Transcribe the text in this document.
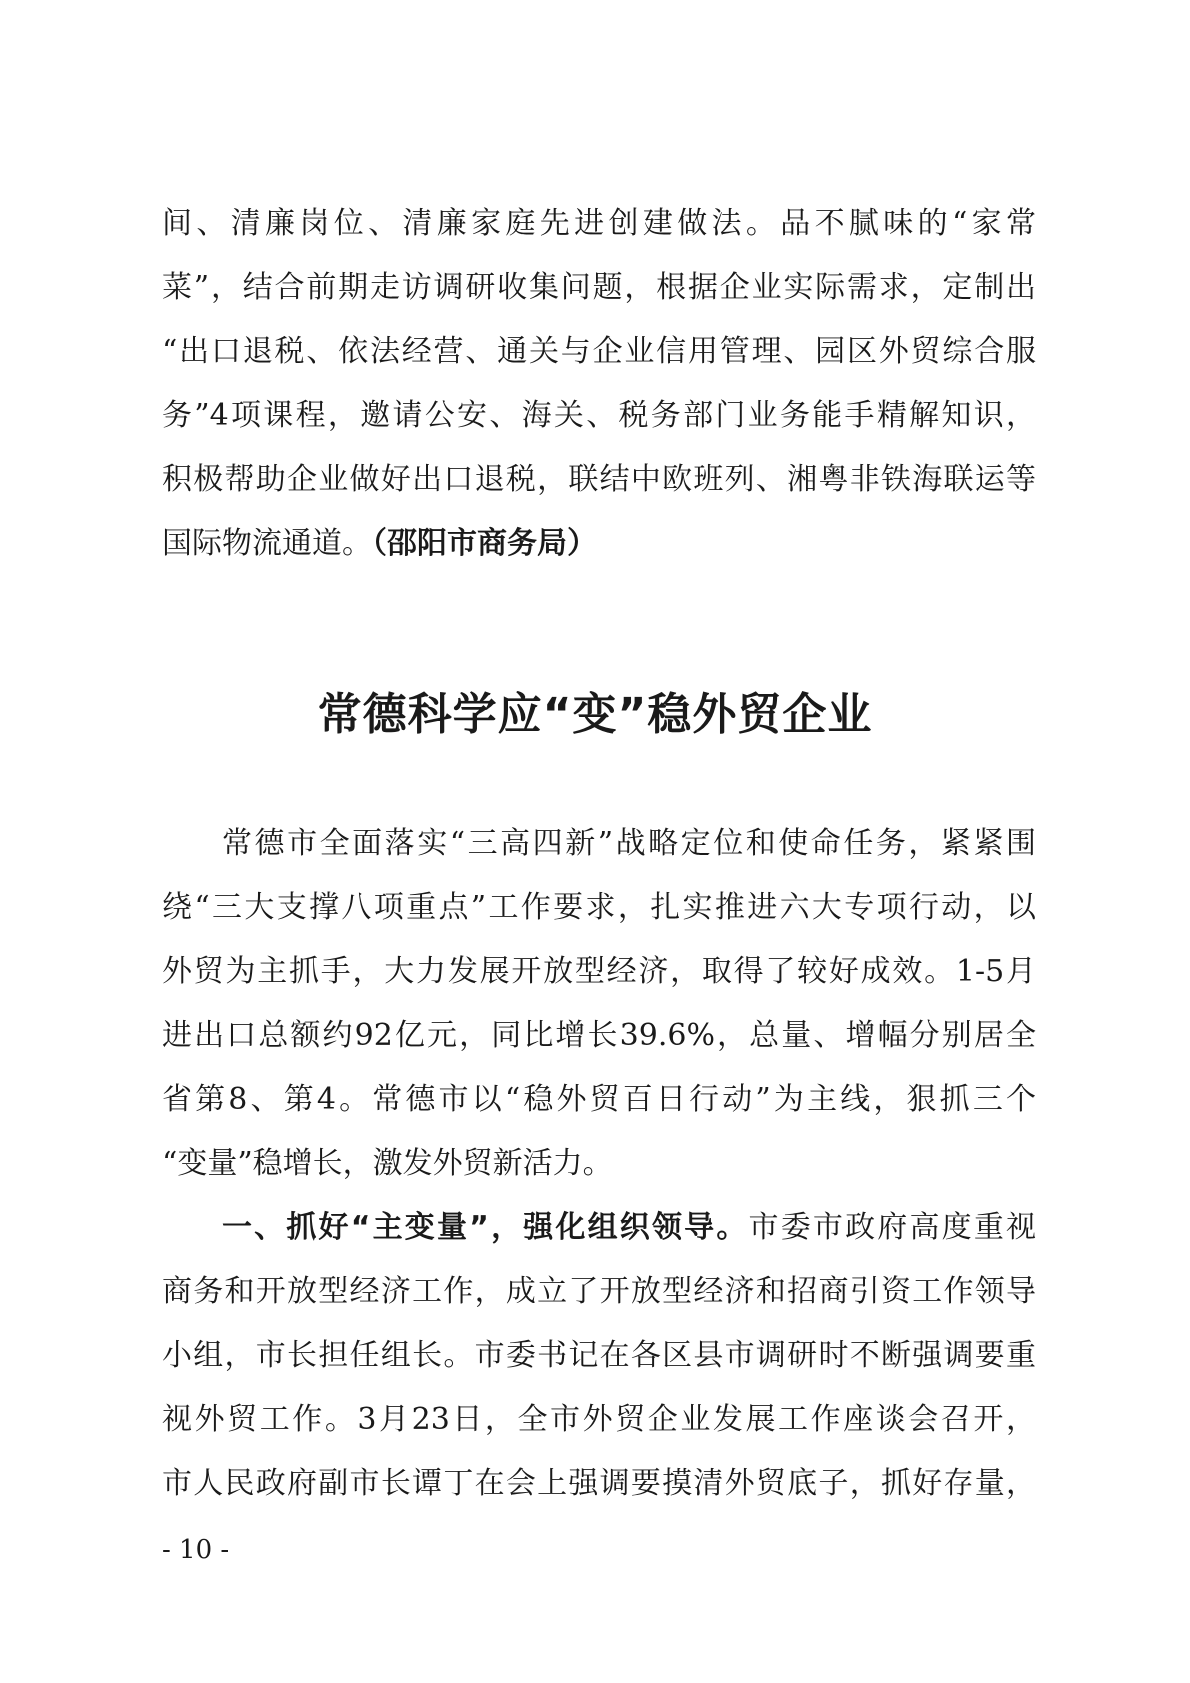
间、清廉岗位、清廉家庭先进创建做法。品不腻味的“家常
菜”，结合前期走访调研收集问题，根据企业实际需求，定制出
“出口退税、依法经营、通关与企业信用管理、园区外贸综合服
务”4项课程，邀请公安、海关、税务部门业务能手精解知识，
积极帮助企业做好出口退税，联结中欧班列、湘粤非铁海联运等
国际物流通道。（邵阳市商务局）
常德科学应“变”稳外贸企业
常德市全面落实“三高四新”战略定位和使命任务，紧紧围
绕“三大支撑八项重点”工作要求，扎实推进六大专项行动，以
外贸为主抓手，大力发展开放型经济，取得了较好成效。1-5月
进出口总额约92亿元，同比增长39.6%，总量、增幅分别居全
省第8、第4。常德市以“稳外贸百日行动”为主线，狠抓三个
“变量”稳增长，激发外贸新活力。
一、抓好“主变量”，强化组织领导。市委市政府高度重视
商务和开放型经济工作，成立了开放型经济和招商引资工作领导
小组，市长担任组长。市委书记在各区县市调研时不断强调要重
视外贸工作。3月23日，全市外贸企业发展工作座谈会召开，
市人民政府副市长谭丁在会上强调要摸清外贸底子，抓好存量，
- 10 -
